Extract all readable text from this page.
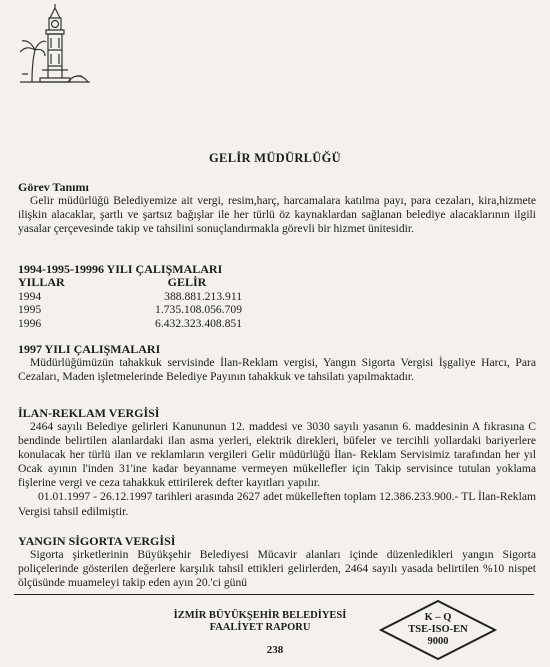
GELİR MÜDÜRLÜĞÜ

Görev Tanımı

Gelir müdürlüğü Belediyemize ait vergi, resim,harç, harcamalara katılma payı, para cezaları, kira,hizmete ilişkin alacaklar, şartlı ve şartsız bağışlar ile her türlü öz kaynaklardan sağlanan belediye alacaklarının ilgili yasalar çerçevesinde takip ve tahsilini sonuçlandırmakla görevli bir hizmet ünitesidir.

1994-1995-19996 YILI ÇALIŞMALARI

YILLAR	GELİR
1994	388.881.213.911
1995	1.735.108.056.709
1996	6.432.323.408.851

1997 YILI ÇALIŞMALARI

Müdürlüğümüzün tahakkuk servisinde İlan-Reklam vergisi, Yangın Sigorta Vergisi İşgaliye Harcı, Para Cezaları, Maden işletmelerinde Belediye Payının tahakkuk ve tahsilatı yapılmaktadır.

İLAN-REKLAM VERGİSİ

2464 sayılı Belediye gelirleri Kanununun 12. maddesi ve 3030 sayılı yasanın 6. maddesinin A fıkrasına C bendinde belirtilen alanlardaki ilan asma yerleri, elektrik direkleri, büfeler ve tercihli yollardaki bariyerlere konulacak her türlü ilan ve reklamların vergileri Gelir müdürlüğü İlan- Reklam Servisimiz tarafından her yıl Ocak ayının l'inden 31'ine kadar beyanname vermeyen mükellefler için Takip servisince tutulan yoklama fişlerine vergi ve ceza tahakkuk ettirilerek defter kayıtları yapılır.

01.01.1997 - 26.12.1997 tarihleri arasında 2627 adet mükelleften toplam 12.386.233.900.- TL İlan-Reklam Vergisi tahsil edilmiştir.

YANGIN SİGORTA VERGİSİ

Sigorta şirketlerinin Büyükşehir Belediyesi Mücavir alanları içinde düzenledikleri yangın Sigorta poliçelerinde gösterilen değerlere karşılık tahsil ettikleri gelirlerden, 2464 sayılı yasada belirtilen %10 nispet ölçüsünde muameleyi takip eden ayın 20.'ci günü

İZMİR BÜYÜKŞEHİR BELEDİYESİ
FAALİYET RAPORU
238
K – Q
TSE-ISO-EN
9000
